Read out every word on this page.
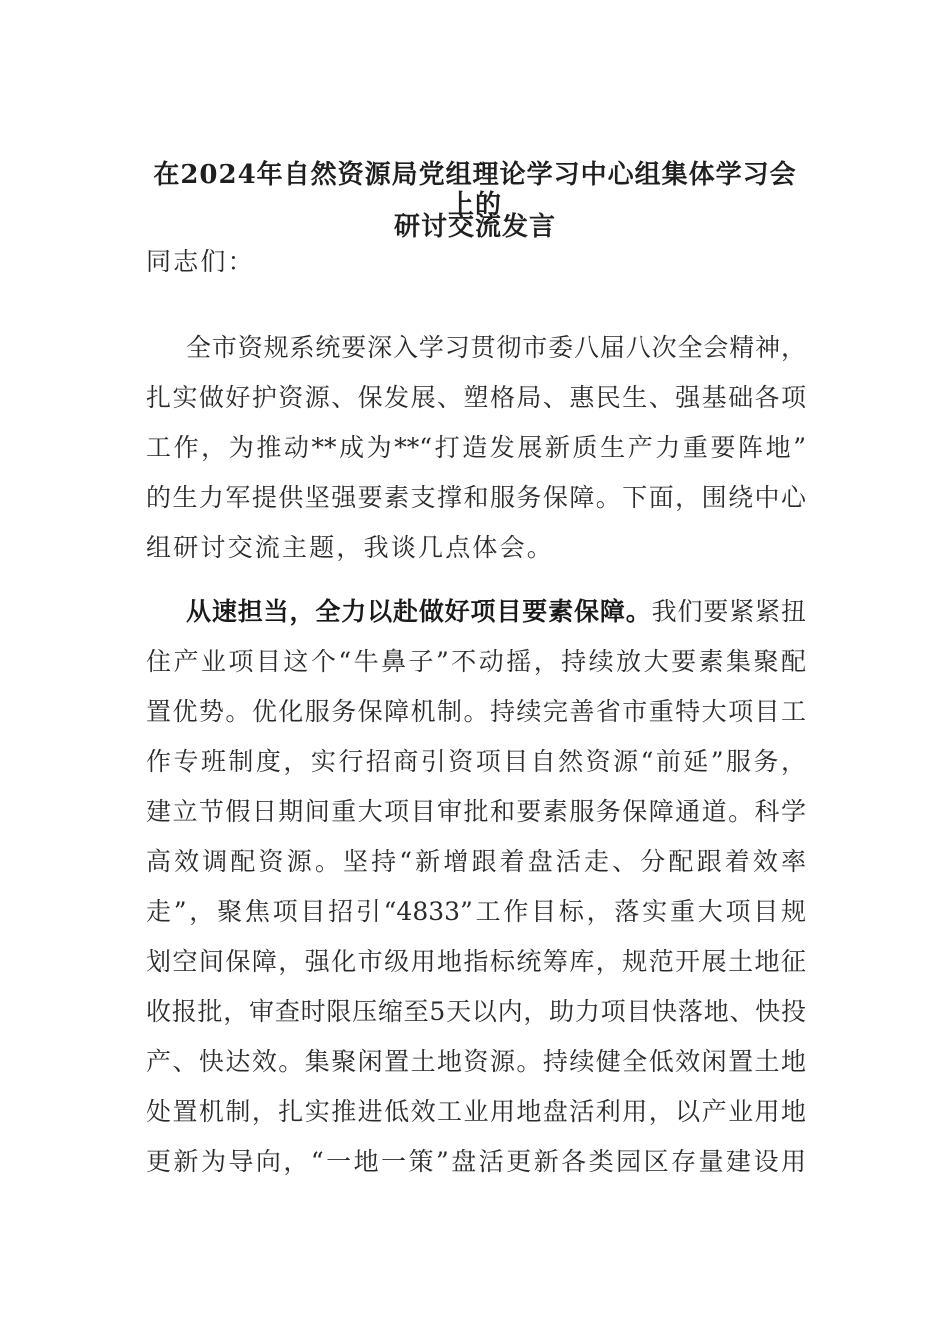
在2024年自然资源局党组理论学习中心组集体学习会上的
研讨交流发言
同志们：
全市资规系统要深入学习贯彻市委八届八次全会精神，
扎实做好护资源、保发展、塑格局、惠民生、强基础各项
工作，为推动**成为**“打造发展新质生产力重要阵地”
的生力军提供坚强要素支撑和服务保障。下面，围绕中心
组研讨交流主题，我谈几点体会。
从速担当，全力以赴做好项目要素保障。我们要紧紧扭
住产业项目这个“牛鼻子”不动摇，持续放大要素集聚配
置优势。优化服务保障机制。持续完善省市重特大项目工
作专班制度，实行招商引资项目自然资源“前延”服务，
建立节假日期间重大项目审批和要素服务保障通道。科学
高效调配资源。坚持“新增跟着盘活走、分配跟着效率
走”，聚焦项目招引“4833”工作目标，落实重大项目规
划空间保障，强化市级用地指标统筹库，规范开展土地征
收报批，审查时限压缩至5天以内，助力项目快落地、快投
产、快达效。集聚闲置土地资源。持续健全低效闲置土地
处置机制，扎实推进低效工业用地盘活利用，以产业用地
更新为导向，“一地一策”盘活更新各类园区存量建设用
